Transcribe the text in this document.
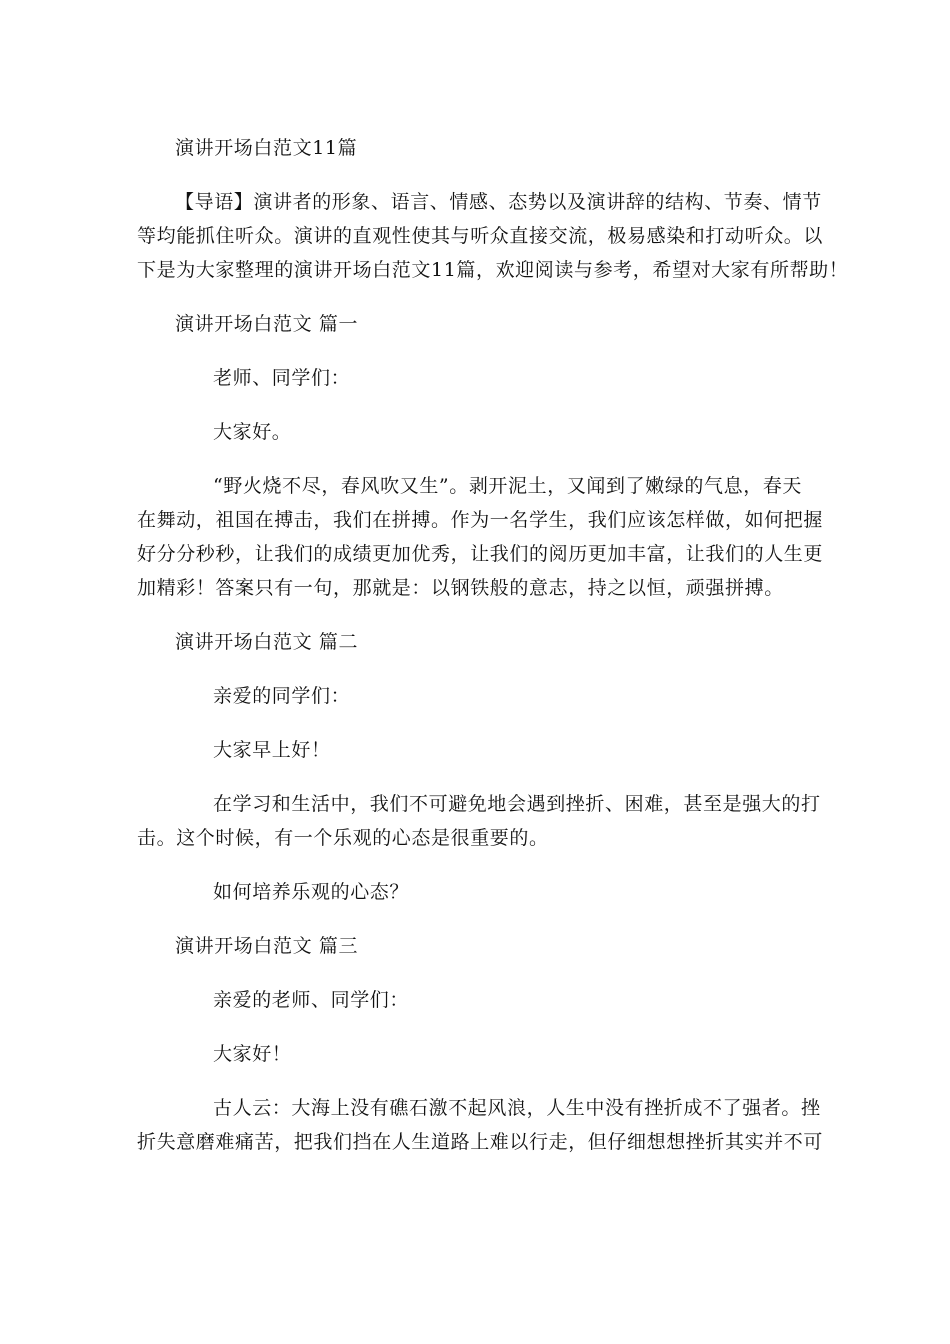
演讲开场白范文11篇
【导语】演讲者的形象、语言、情感、态势以及演讲辞的结构、节奏、情节
等均能抓住听众。演讲的直观性使其与听众直接交流，极易感染和打动听众。以
下是为大家整理的演讲开场白范文11篇，欢迎阅读与参考，希望对大家有所帮助！
演讲开场白范文 篇一
老师、同学们：
大家好。
“野火烧不尽，春风吹又生”。剥开泥土，又闻到了嫩绿的气息，春天
在舞动，祖国在搏击，我们在拼搏。作为一名学生，我们应该怎样做，如何把握
好分分秒秒，让我们的成绩更加优秀，让我们的阅历更加丰富，让我们的人生更
加精彩！答案只有一句，那就是：以钢铁般的意志，持之以恒，顽强拼搏。
演讲开场白范文 篇二
亲爱的同学们：
大家早上好！
在学习和生活中，我们不可避免地会遇到挫折、困难，甚至是强大的打
击。这个时候，有一个乐观的心态是很重要的。
如何培养乐观的心态？
演讲开场白范文 篇三
亲爱的老师、同学们：
大家好！
古人云：大海上没有礁石激不起风浪，人生中没有挫折成不了强者。挫
折失意磨难痛苦，把我们挡在人生道路上难以行走，但仔细想想挫折其实并不可
